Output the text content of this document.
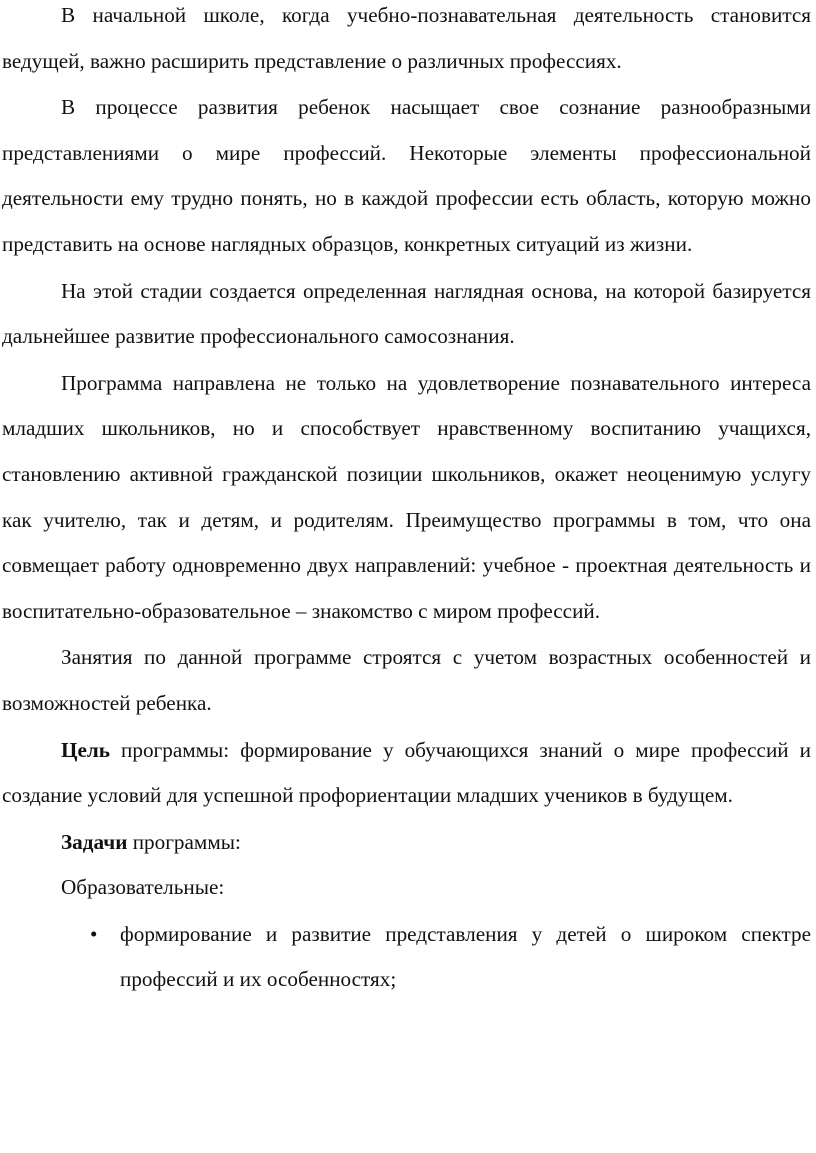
В начальной школе, когда учебно-познавательная деятельность становится ведущей, важно расширить представление о различных профессиях.

В процессе развития ребенок насыщает свое сознание разнообразными представлениями о мире профессий. Некоторые элементы профессиональной деятельности ему трудно понять, но в каждой профессии есть область, которую можно представить на основе наглядных образцов, конкретных ситуаций из жизни.

На этой стадии создается определенная наглядная основа, на которой базируется дальнейшее развитие профессионального самосознания.

Программа направлена не только на удовлетворение познавательного интереса младших школьников, но и способствует нравственному воспитанию учащихся, становлению активной гражданской позиции школьников, окажет неоценимую услугу как учителю, так и детям, и родителям. Преимущество программы в том, что она совмещает работу одновременно двух направлений: учебное - проектная деятельность и воспитательно-образовательное – знакомство с миром профессий.

Занятия по данной программе строятся с учетом возрастных особенностей и возможностей ребенка.

Цель программы: формирование у обучающихся знаний о мире профессий и создание условий для успешной профориентации младших учеников в будущем.

Задачи программы:

Образовательные:

• формирование и развитие представления у детей о широком спектре профессий и их особенностях;
